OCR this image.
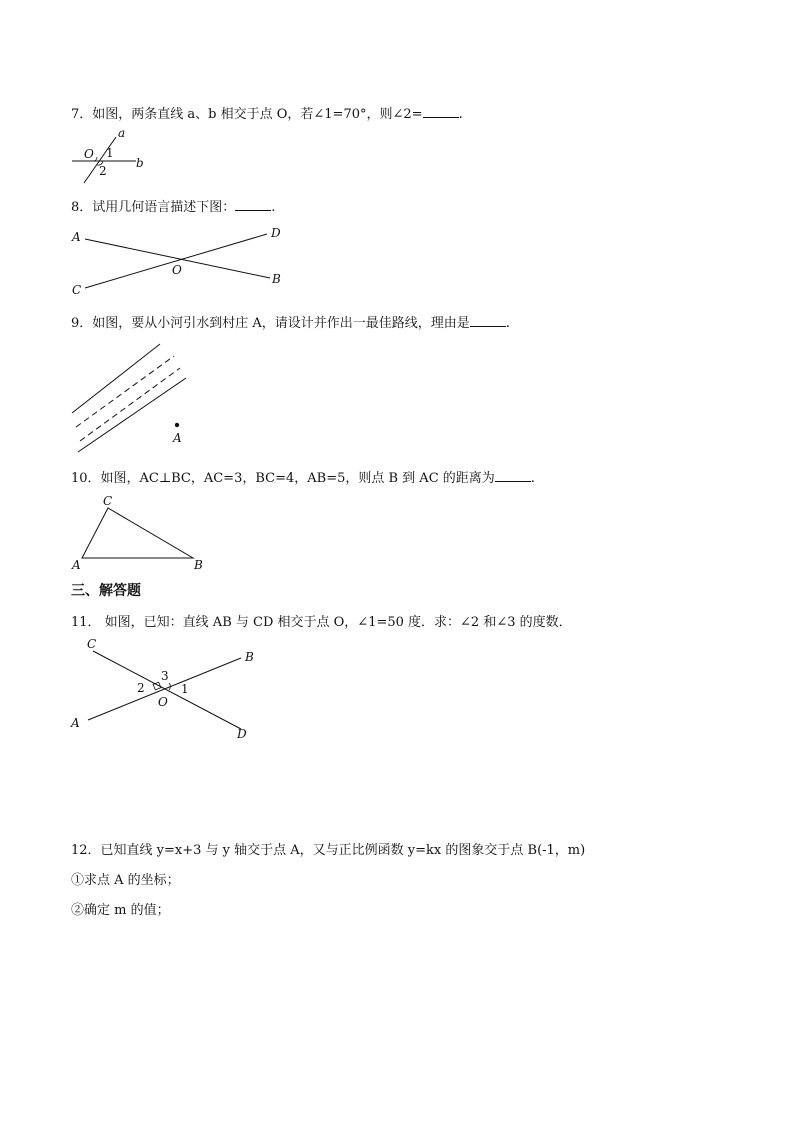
7．如图，两条直线 a、b 相交于点 O，若∠1=70°，则∠2=	.
a
b
O 1
2
8．试用几何语言描述下图：	.
A
B
C
D
O
9．如图，要从小河引水到村庄 A，请设计并作出一最佳路线，理由是	.
A
10．如图，AC⊥BC，AC=3，BC=4，AB=5，则点 B 到 AC 的距离为	.
C
A	B
三、解答题
11． 如图，已知：直线 AB 与 CD 相交于点 O，∠1=50 度．求：∠2 和∠3 的度数．
C
B
A
D
O
1
2
3
12．已知直线 y=x+3 与 y 轴交于点 A，又与正比例函数 y=kx 的图象交于点 B(-1，m)
①求点 A 的坐标；
②确定 m 的值；
